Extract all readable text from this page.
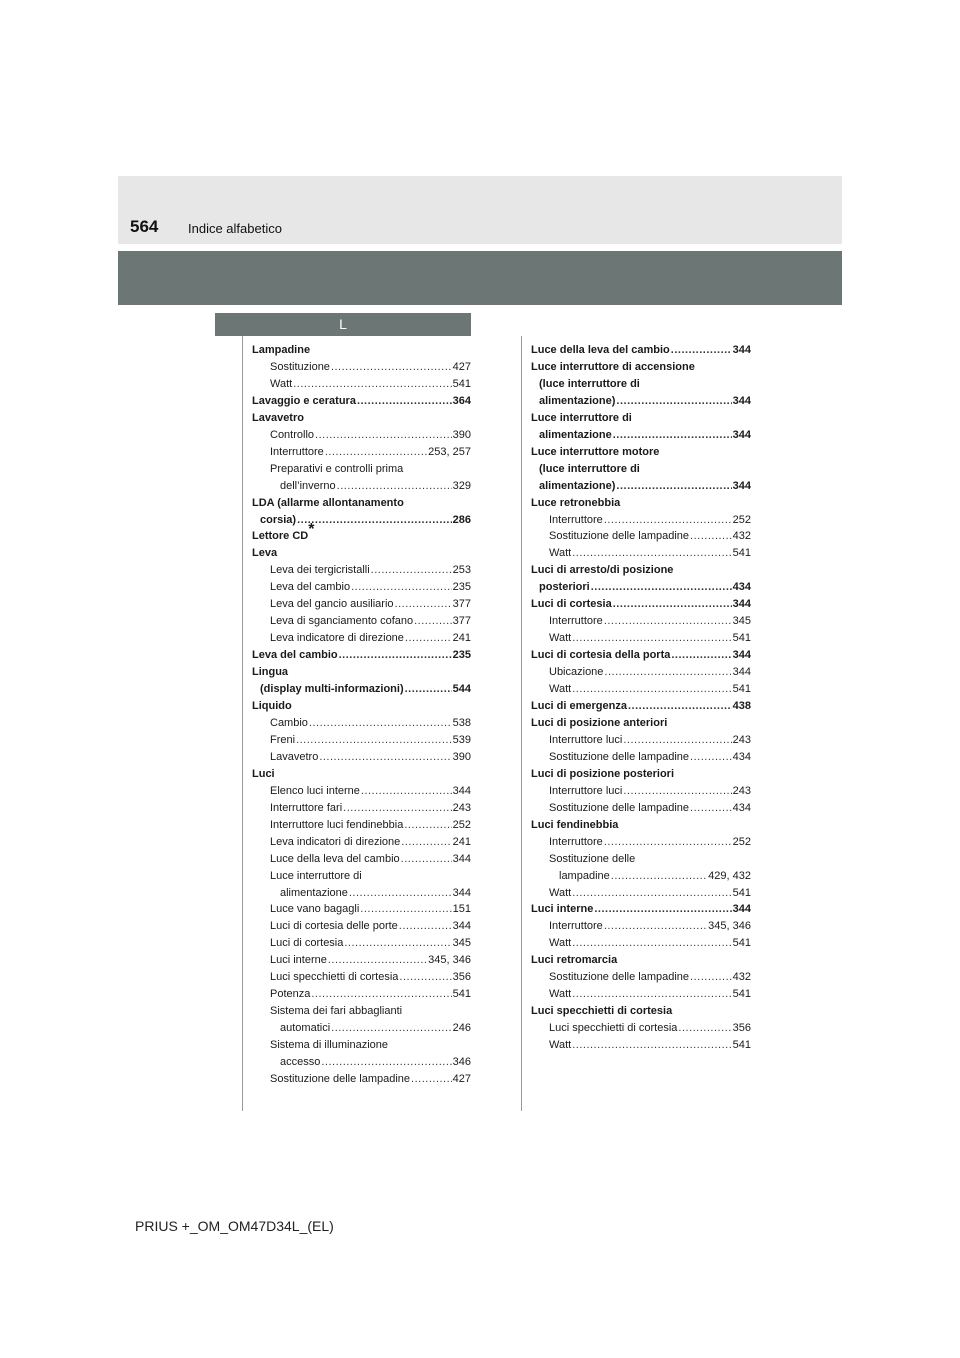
564 Indice alfabetico
L
Lampadine
Sostituzione .....	427
Watt .....	541
Lavaggio e ceratura .....	364
Lavavetro
Controllo .....	390
Interruttore .....	253, 257
Preparativi e controlli prima
dell’inverno .....	329
LDA (allarme allontanamento
corsia) .....	286
Lettore CD*
Leva
Leva dei tergicristalli .....	253
Leva del cambio .....	235
Leva del gancio ausiliario .....	377
Leva di sganciamento cofano .....	377
Leva indicatore di direzione .....	241
Leva del cambio .....	235
Lingua
(display multi-informazioni) .....	544
Liquido
Cambio .....	538
Freni .....	539
Lavavetro .....	390
Luci
Elenco luci interne .....	344
Interruttore fari .....	243
Interruttore luci fendinebbia .....	252
Leva indicatori di direzione .....	241
Luce della leva del cambio .....	344
Luce interruttore di
alimentazione .....	344
Luce vano bagagli .....	151
Luci di cortesia delle porte .....	344
Luci di cortesia .....	345
Luci interne .....	345, 346
Luci specchietti di cortesia .....	356
Potenza .....	541
Sistema dei fari abbaglianti
automatici .....	246
Sistema di illuminazione
accesso .....	346
Sostituzione delle lampadine .....	427
Luce della leva del cambio .....	344
Luce interruttore di accensione
(luce interruttore di
alimentazione) .....	344
Luce interruttore di
alimentazione .....	344
Luce interruttore motore
(luce interruttore di
alimentazione) .....	344
Luce retronebbia
Interruttore .....	252
Sostituzione delle lampadine .....	432
Watt .....	541
Luci di arresto/di posizione
posteriori .....	434
Luci di cortesia .....	344
Interruttore .....	345
Watt .....	541
Luci di cortesia della porta .....	344
Ubicazione .....	344
Watt .....	541
Luci di emergenza .....	438
Luci di posizione anteriori
Interruttore luci .....	243
Sostituzione delle lampadine .....	434
Luci di posizione posteriori
Interruttore luci .....	243
Sostituzione delle lampadine .....	434
Luci fendinebbia
Interruttore .....	252
Sostituzione delle
lampadine .....	429, 432
Watt .....	541
Luci interne .....	344
Interruttore .....	345, 346
Watt .....	541
Luci retromarcia
Sostituzione delle lampadine .....	432
Watt .....	541
Luci specchietti di cortesia
Luci specchietti di cortesia .....	356
Watt .....	541
PRIUS +_OM_OM47D34L_(EL)
